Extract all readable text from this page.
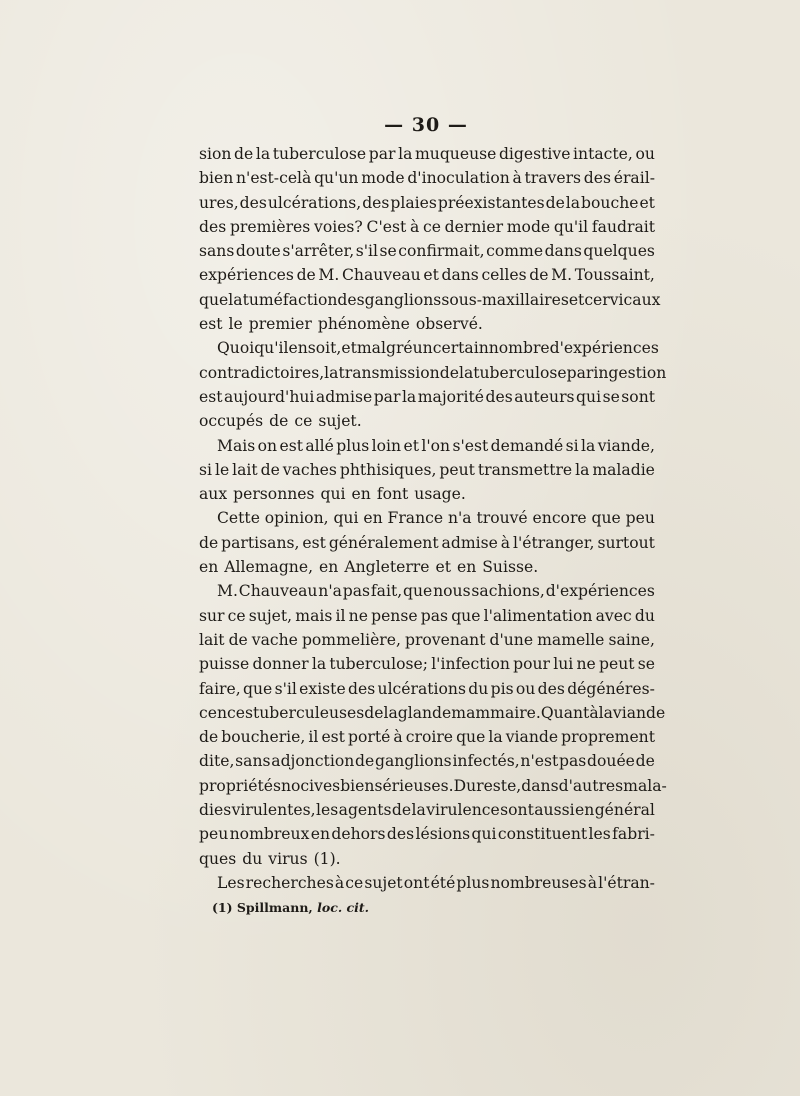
— 30 —
sion de la tuberculose par la muqueuse digestive intacte, ou
bien n'est-celà qu'un mode d'inoculation à travers des érail-
ures, des ulcérations, des plaies préexistantes de la bouche et
des premières voies? C'est à ce dernier mode qu'il faudrait
sans doute s'arrêter, s'il se confirmait, comme dans quelques
expériences de M. Chauveau et dans celles de M. Toussaint,
que la tuméfaction des ganglions sous-maxillaires et cervicaux
est le premier phénomène observé.
Quoiqu'il en soit, et malgré un certain nombre d'expériences
contradictoires, la transmission de la tuberculose par ingestion
est aujourd'hui admise par la majorité des auteurs qui se sont
occupés de ce sujet.
Mais on est allé plus loin et l'on s'est demandé si la viande,
si le lait de vaches phthisiques, peut transmettre la maladie
aux personnes qui en font usage.
Cette opinion, qui en France n'a trouvé encore que peu
de partisans, est généralement admise à l'étranger, surtout
en Allemagne, en Angleterre et en Suisse.
M. Chauveau n'a pas fait, que nous sachions, d'expériences
sur ce sujet, mais il ne pense pas que l'alimentation avec du
lait de vache pommelière, provenant d'une mamelle saine,
puisse donner la tuberculose; l'infection pour lui ne peut se
faire, que s'il existe des ulcérations du pis ou des dégénéres-
cences tuberculeuses de la glande mammaire. Quant à la viande
de boucherie, il est porté à croire que la viande proprement
dite, sans adjonction de ganglions infectés, n'est pas douée de
propriétés nocives bien sérieuses. Du reste, dans d'autres mala-
dies virulentes, les agents de la virulence sont aussi en général
peu nombreux en dehors des lésions qui constituent les fabri-
ques du virus (1).
Les recherches à ce sujet ont été plus nombreuses à l'étran-
(1) Spillmann, loc. cit.
